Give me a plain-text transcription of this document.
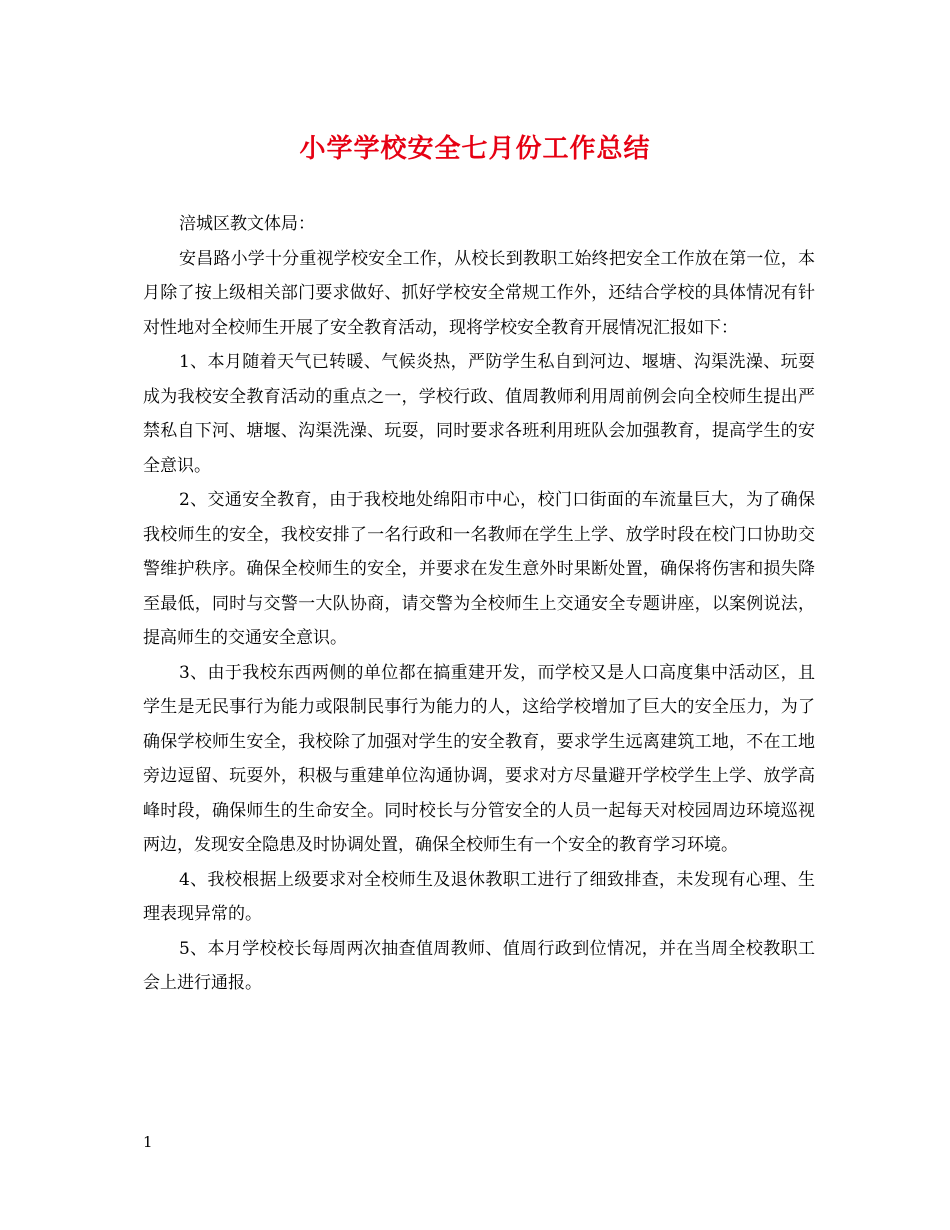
小学学校安全七月份工作总结

涪城区教文体局：

安昌路小学十分重视学校安全工作，从校长到教职工始终把安全工作放在第一位，本月除了按上级相关部门要求做好、抓好学校安全常规工作外，还结合学校的具体情况有针对性地对全校师生开展了安全教育活动，现将学校安全教育开展情况汇报如下：

1、本月随着天气已转暖、气候炎热，严防学生私自到河边、堰塘、沟渠洗澡、玩耍成为我校安全教育活动的重点之一，学校行政、值周教师利用周前例会向全校师生提出严禁私自下河、塘堰、沟渠洗澡、玩耍，同时要求各班利用班队会加强教育，提高学生的安全意识。

2、交通安全教育，由于我校地处绵阳市中心，校门口街面的车流量巨大，为了确保我校师生的安全，我校安排了一名行政和一名教师在学生上学、放学时段在校门口协助交警维护秩序。确保全校师生的安全，并要求在发生意外时果断处置，确保将伤害和损失降至最低，同时与交警一大队协商，请交警为全校师生上交通安全专题讲座，以案例说法，提高师生的交通安全意识。

3、由于我校东西两侧的单位都在搞重建开发，而学校又是人口高度集中活动区，且学生是无民事行为能力或限制民事行为能力的人，这给学校增加了巨大的安全压力，为了确保学校师生安全，我校除了加强对学生的安全教育，要求学生远离建筑工地，不在工地旁边逗留、玩耍外，积极与重建单位沟通协调，要求对方尽量避开学校学生上学、放学高峰时段，确保师生的生命安全。同时校长与分管安全的人员一起每天对校园周边环境巡视两边，发现安全隐患及时协调处置，确保全校师生有一个安全的教育学习环境。

4、我校根据上级要求对全校师生及退休教职工进行了细致排查，未发现有心理、生理表现异常的。

5、本月学校校长每周两次抽查值周教师、值周行政到位情况，并在当周全校教职工会上进行通报。

1
